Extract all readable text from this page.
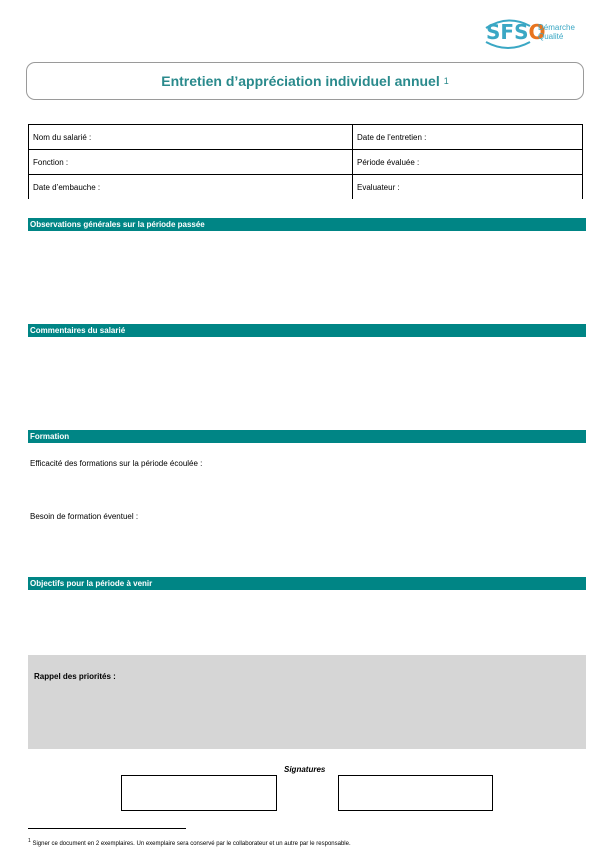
SFSO
Démarche
Qualité
Entretien d’appréciation individuel annuel 1
Nom du salarié :	Date de l’entretien :
Fonction :	Période évaluée :
Date d’embauche :	Evaluateur :
Observations générales sur la période passée
Commentaires du salarié
Formation
Efficacité des formations sur la période écoulée :
Besoin de formation éventuel :
Objectifs pour la période à venir
Rappel des priorités :
Signatures
$^1$ Signer ce document en 2 exemplaires. Un exemplaire sera conservé par le collaborateur et un autre par le responsable.
